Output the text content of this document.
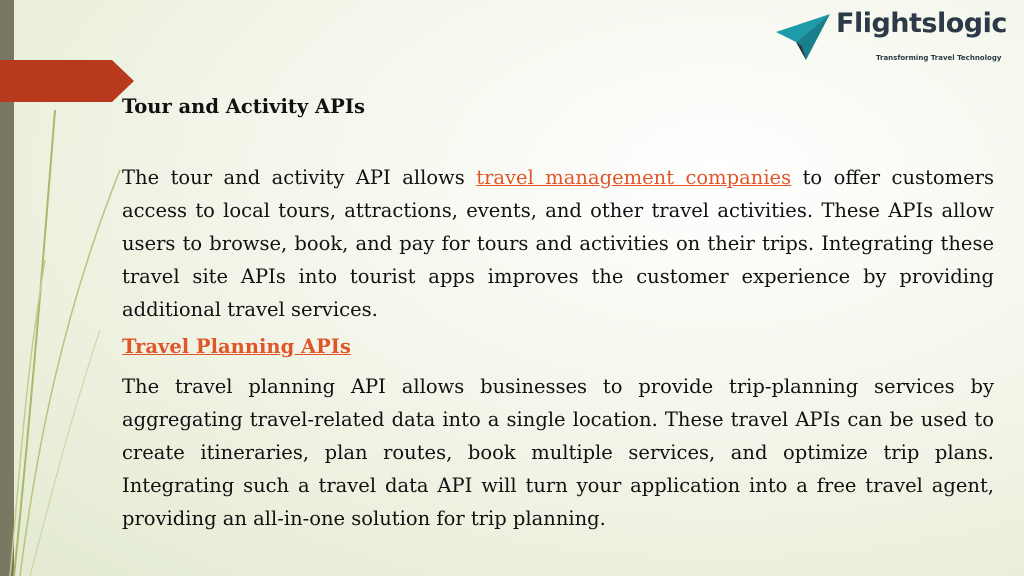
Flightslogic
Transforming Travel Technology

Tour and Activity APIs

The tour and activity API allows travel management companies to offer customers access to local tours, attractions, events, and other travel activities. These APIs allow users to browse, book, and pay for tours and activities on their trips. Integrating these travel site APIs into tourist apps improves the customer experience by providing additional travel services.

Travel Planning APIs

The travel planning API allows businesses to provide trip-planning services by aggregating travel-related data into a single location. These travel APIs can be used to create itineraries, plan routes, book multiple services, and optimize trip plans. Integrating such a travel data API will turn your application into a free travel agent, providing an all-in-one solution for trip planning.
